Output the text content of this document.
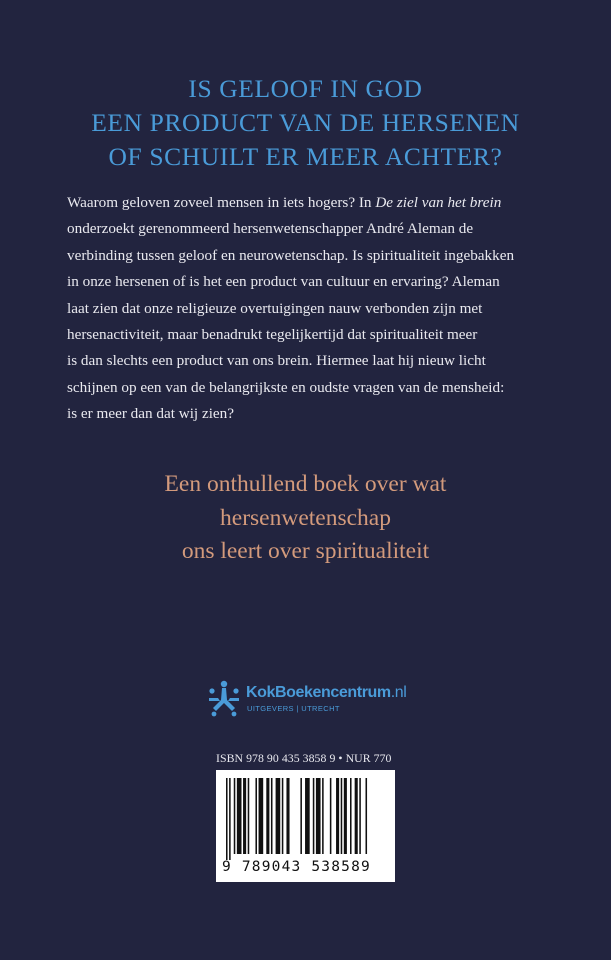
IS GELOOF IN GOD
EEN PRODUCT VAN DE HERSENEN
OF SCHUILT ER MEER ACHTER?
Waarom geloven zoveel mensen in iets hogers? In De ziel van het brein
onderzoekt gerenommeerd hersenwetenschapper André Aleman de
verbinding tussen geloof en neurowetenschap. Is spiritualiteit ingebakken
in onze hersenen of is het een product van cultuur en ervaring? Aleman
laat zien dat onze religieuze overtuigingen nauw verbonden zijn met
hersenactiviteit, maar benadrukt tegelijkertijd dat spiritualiteit meer
is dan slechts een product van ons brein. Hiermee laat hij nieuw licht
schijnen op een van de belangrijkste en oudste vragen van de mensheid:
is er meer dan dat wij zien?
Een onthullend boek over wat
hersenwetenschap
ons leert over spiritualiteit
KokBoekencentrum.nl
UITGEVERS | UTRECHT
ISBN 978 90 435 3858 9 • NUR 770
9 789043 538589
